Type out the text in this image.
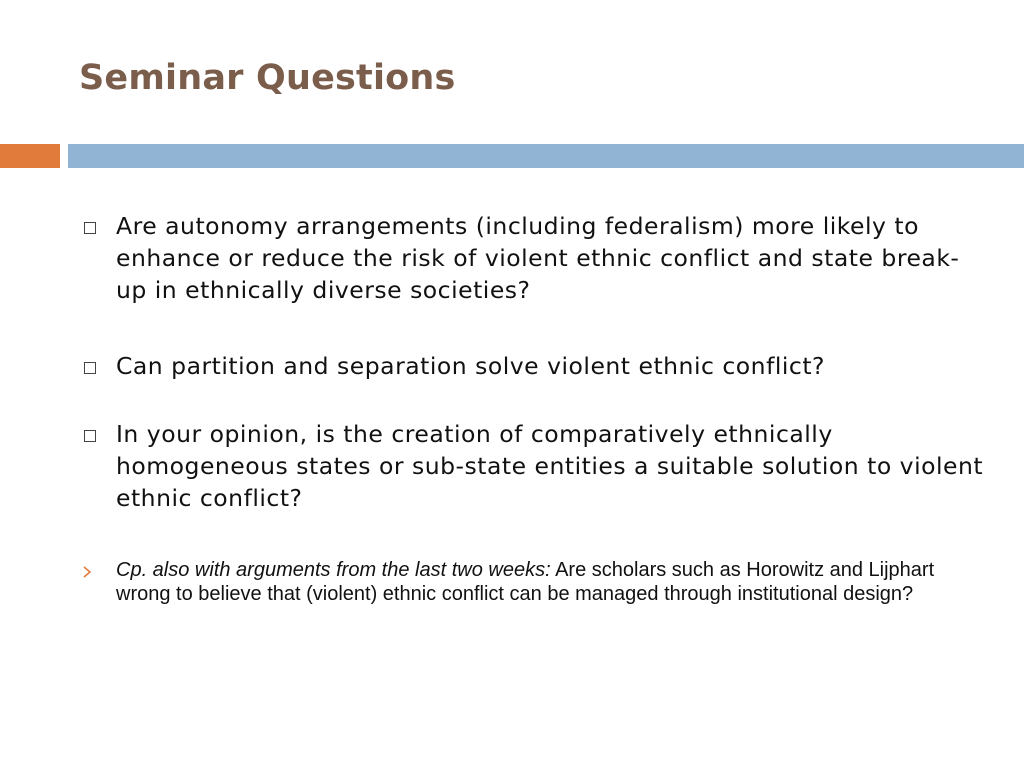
Seminar Questions
Are autonomy arrangements (including federalism) more likely to enhance or reduce the risk of violent ethnic conflict and state break-up in ethnically diverse societies?
Can partition and separation solve violent ethnic conflict?
In your opinion, is the creation of comparatively ethnically homogeneous states or sub-state entities a suitable solution to violent ethnic conflict?
Cp. also with arguments from the last two weeks: Are scholars such as Horowitz and Lijphart wrong to believe that (violent) ethnic conflict can be managed through institutional design?
